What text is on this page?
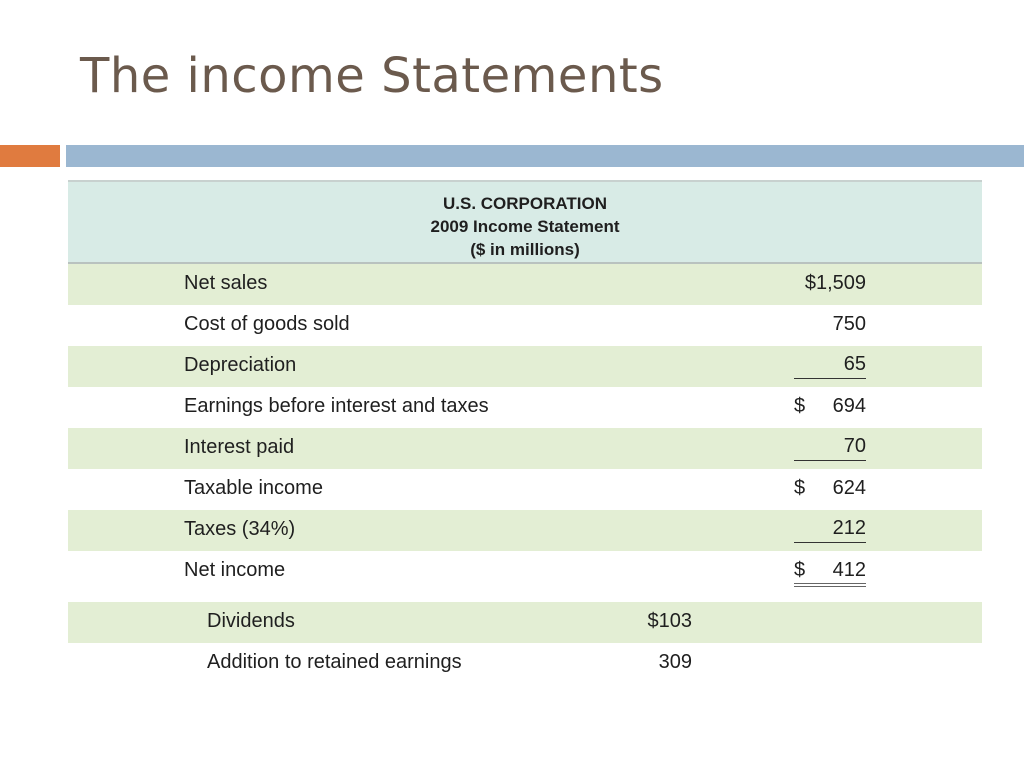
The income Statements
U.S. CORPORATION
2009 Income Statement
($ in millions)
Net sales	$1,509
Cost of goods sold	750
Depreciation	65
Earnings before interest and taxes	$ 694
Interest paid	70
Taxable income	$ 624
Taxes (34%)	212
Net income	$ 412
Dividends	$103
Addition to retained earnings	309
